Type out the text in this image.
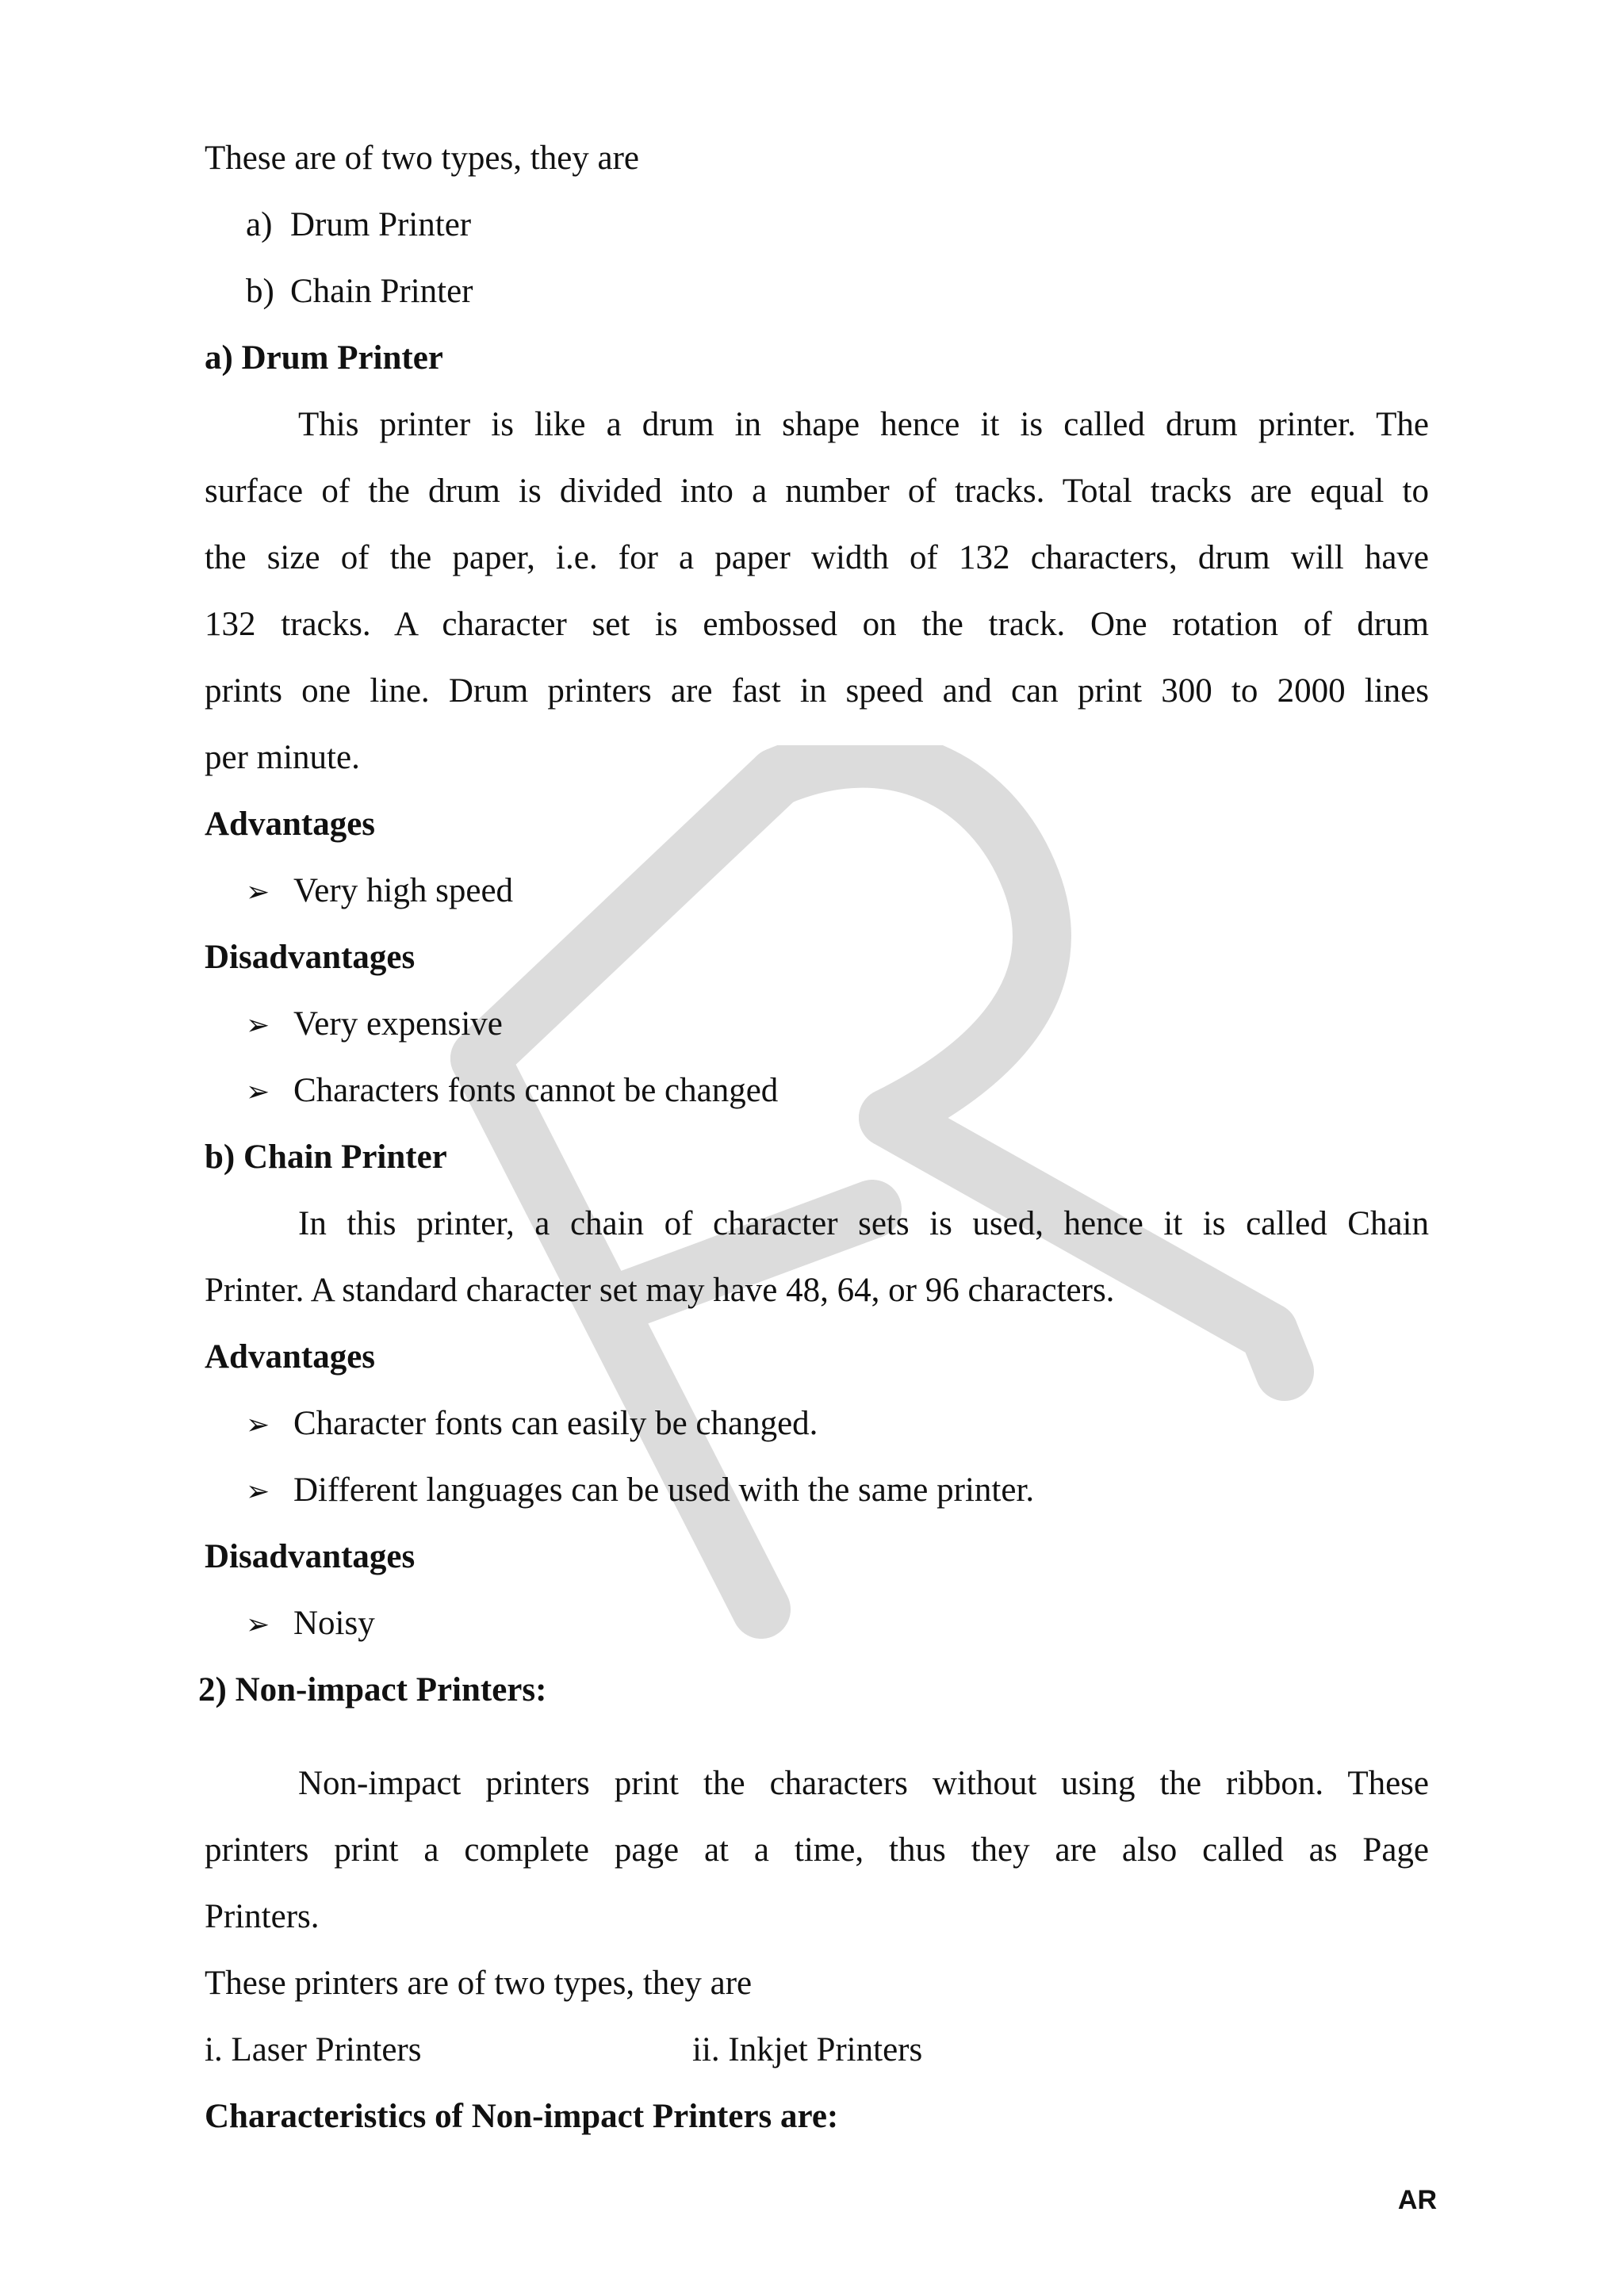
These are of two types, they are
a) Drum Printer
b) Chain Printer
a) Drum Printer
This printer is like a drum in shape hence it is called drum printer. The
surface of the drum is divided into a number of tracks. Total tracks are equal to
the size of the paper, i.e. for a paper width of 132 characters, drum will have
132 tracks. A character set is embossed on the track. One rotation of drum
prints one line. Drum printers are fast in speed and can print 300 to 2000 lines
per minute.
Advantages
➢ Very high speed
Disadvantages
➢ Very expensive
➢ Characters fonts cannot be changed
b) Chain Printer
In this printer, a chain of character sets is used, hence it is called Chain
Printer. A standard character set may have 48, 64, or 96 characters.
Advantages
➢ Character fonts can easily be changed.
➢ Different languages can be used with the same printer.
Disadvantages
➢ Noisy
2) Non-impact Printers:
Non-impact printers print the characters without using the ribbon. These
printers print a complete page at a time, thus they are also called as Page
Printers.
These printers are of two types, they are
i. Laser Printers	ii. Inkjet Printers
Characteristics of Non-impact Printers are:
AR
